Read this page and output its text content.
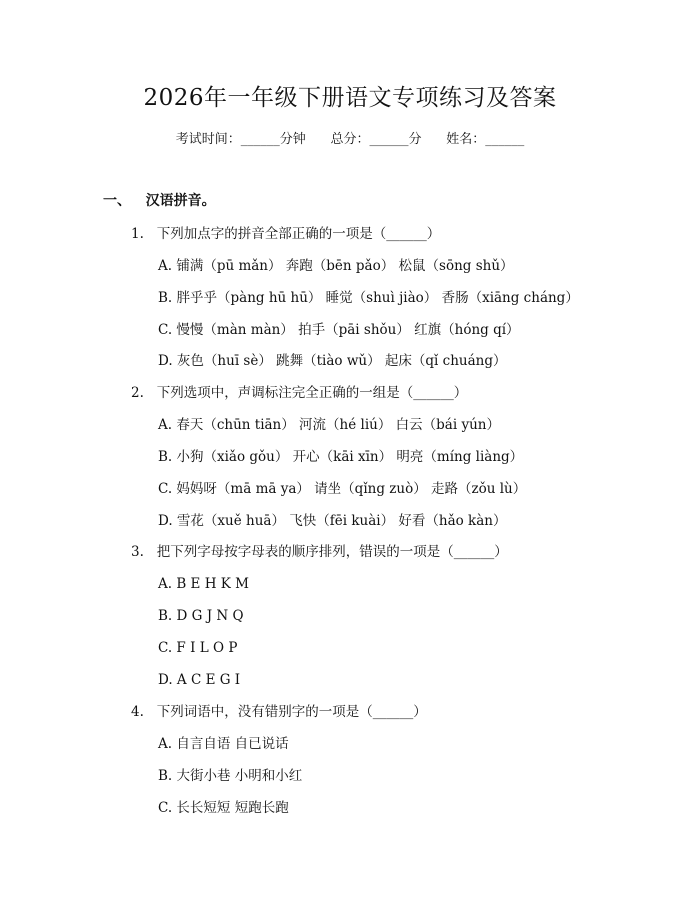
2026年一年级下册语文专项练习及答案
考试时间：______分钟      总分：______分      姓名：______
一、 汉语拼音。
1. 下列加点字的拼音全部正确的一项是（______）
A. 铺满（pū mǎn） 奔跑（bēn pǎo） 松鼠（sōng shǔ）
B. 胖乎乎（pàng hū hū） 睡觉（shuì jiào） 香肠（xiāng cháng）
C. 慢慢（màn màn） 拍手（pāi shǒu） 红旗（hóng qí）
D. 灰色（huī sè） 跳舞（tiào wǔ） 起床（qǐ chuáng）
2. 下列选项中，声调标注完全正确的一组是（______）
A. 春天（chūn tiān） 河流（hé liú） 白云（bái yún）
B. 小狗（xiǎo gǒu） 开心（kāi xīn） 明亮（míng liàng）
C. 妈妈呀（mā mā ya） 请坐（qǐng zuò） 走路（zǒu lù）
D. 雪花（xuě huā） 飞快（fēi kuài） 好看（hǎo kàn）
3. 把下列字母按字母表的顺序排列，错误的一项是（______）
A. B E H K M
B. D G J N Q
C. F I L O P
D. A C E G I
4. 下列词语中，没有错别字的一项是（______）
A. 自言自语 自已说话
B. 大街小巷 小明和小红
C. 长长短短 短跑长跑
